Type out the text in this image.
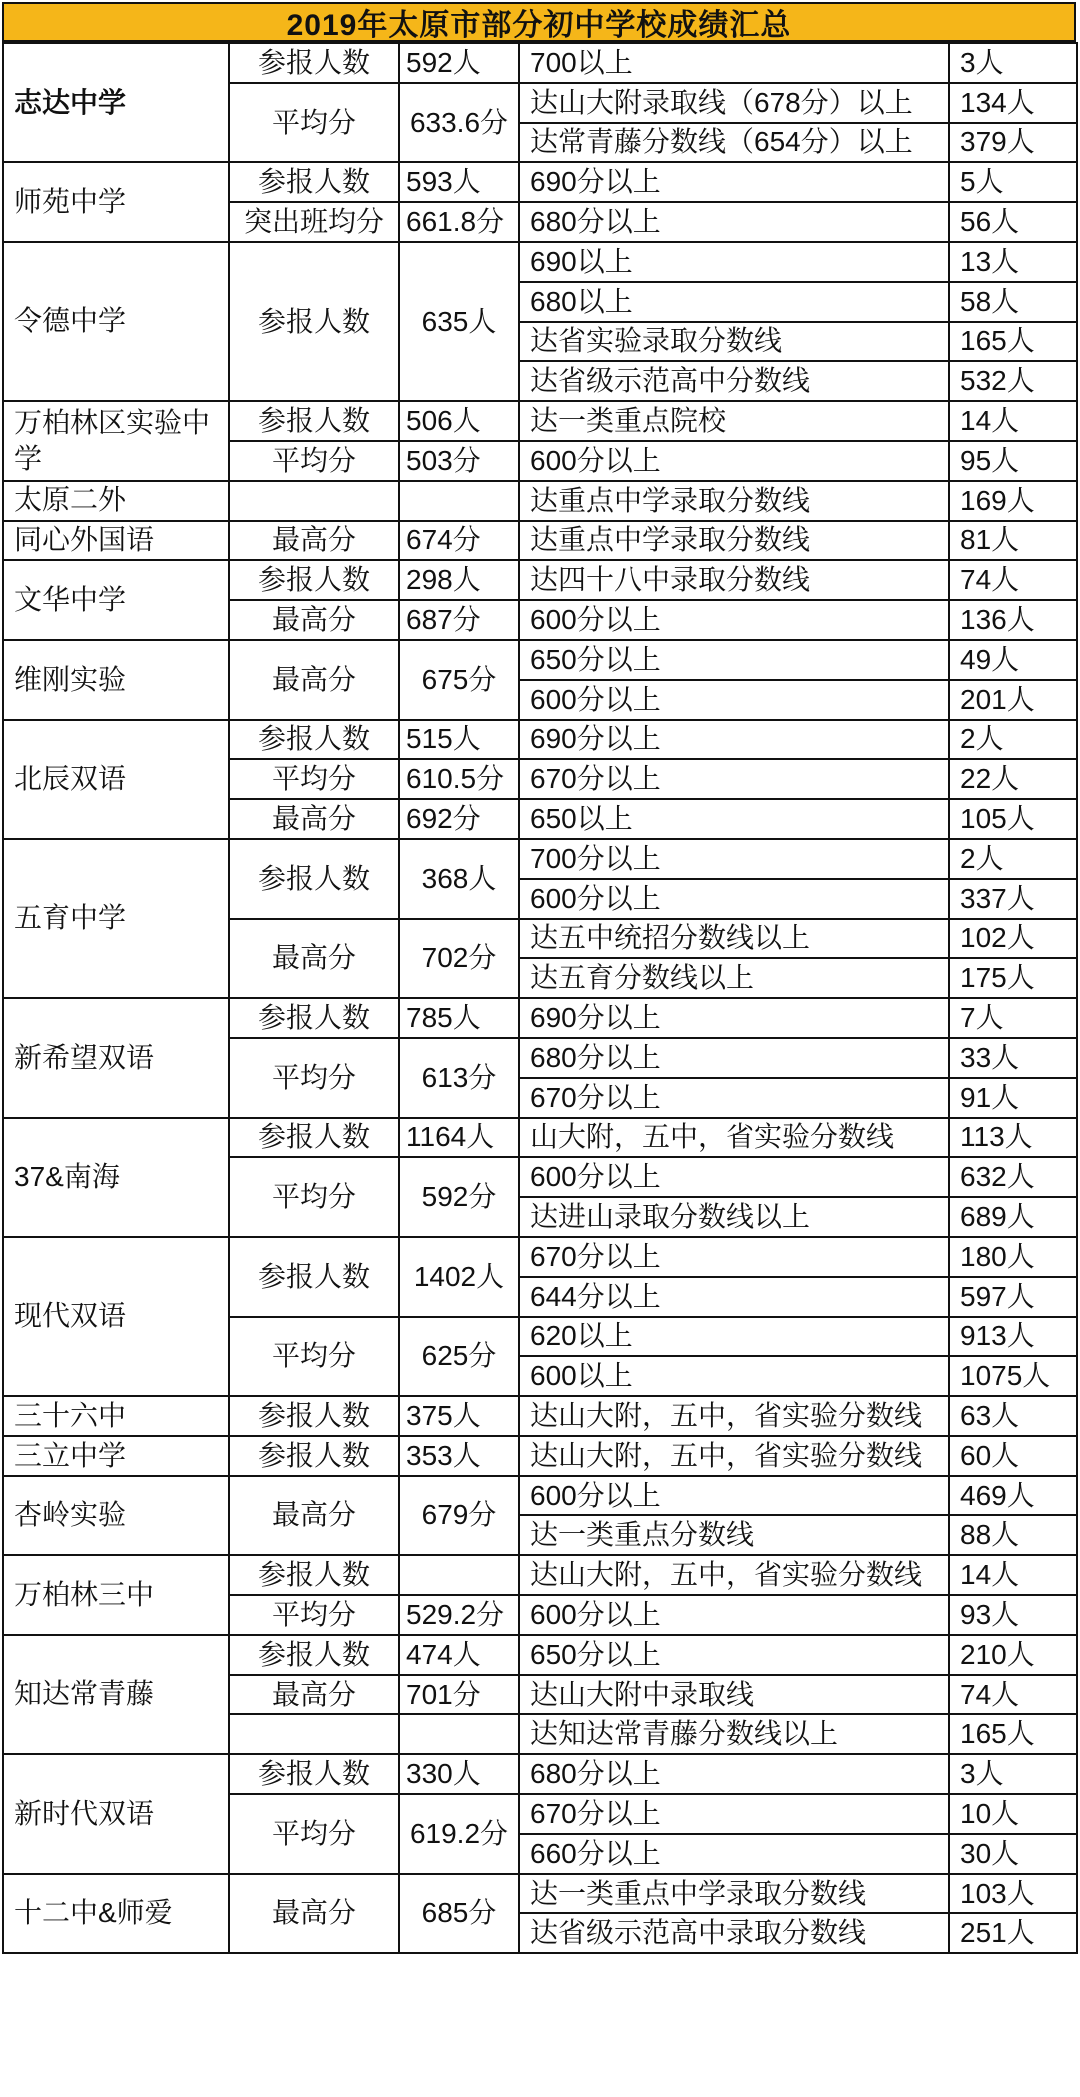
2019年太原市部分初中学校成绩汇总
志达中学	参报人数	592人	700以上	3人
	平均分	633.6分	达山大附录取线（678分）以上	134人
			达常青藤分数线（654分）以上	379人
师苑中学	参报人数	593人	690分以上	5人
	突出班均分	661.8分	680分以上	56人
令德中学	参报人数	635人	690以上	13人
			680以上	58人
			达省实验录取分数线	165人
			达省级示范高中分数线	532人
万柏林区实验中学	参报人数	506人	达一类重点院校	14人
	平均分	503分	600分以上	95人
太原二外			达重点中学录取分数线	169人
同心外国语	最高分	674分	达重点中学录取分数线	81人
文华中学	参报人数	298人	达四十八中录取分数线	74人
	最高分	687分	600分以上	136人
维刚实验	最高分	675分	650分以上	49人
			600分以上	201人
北辰双语	参报人数	515人	690分以上	2人
	平均分	610.5分	670分以上	22人
	最高分	692分	650以上	105人
五育中学	参报人数	368人	700分以上	2人
			600分以上	337人
	最高分	702分	达五中统招分数线以上	102人
			达五育分数线以上	175人
新希望双语	参报人数	785人	690分以上	7人
	平均分	613分	680分以上	33人
			670分以上	91人
37&南海	参报人数	1164人	山大附，五中，省实验分数线	113人
	平均分	592分	600分以上	632人
			达进山录取分数线以上	689人
现代双语	参报人数	1402人	670分以上	180人
			644分以上	597人
	平均分	625分	620以上	913人
			600以上	1075人
三十六中	参报人数	375人	达山大附，五中，省实验分数线	63人
三立中学	参报人数	353人	达山大附，五中，省实验分数线	60人
杏岭实验	最高分	679分	600分以上	469人
			达一类重点分数线	88人
万柏林三中	参报人数		达山大附，五中，省实验分数线	14人
	平均分	529.2分	600分以上	93人
知达常青藤	参报人数	474人	650分以上	210人
	最高分	701分	达山大附中录取线	74人
			达知达常青藤分数线以上	165人
新时代双语	参报人数	330人	680分以上	3人
	平均分	619.2分	670分以上	10人
			660分以上	30人
十二中&师爱	最高分	685分	达一类重点中学录取分数线	103人
			达省级示范高中录取分数线	251人
